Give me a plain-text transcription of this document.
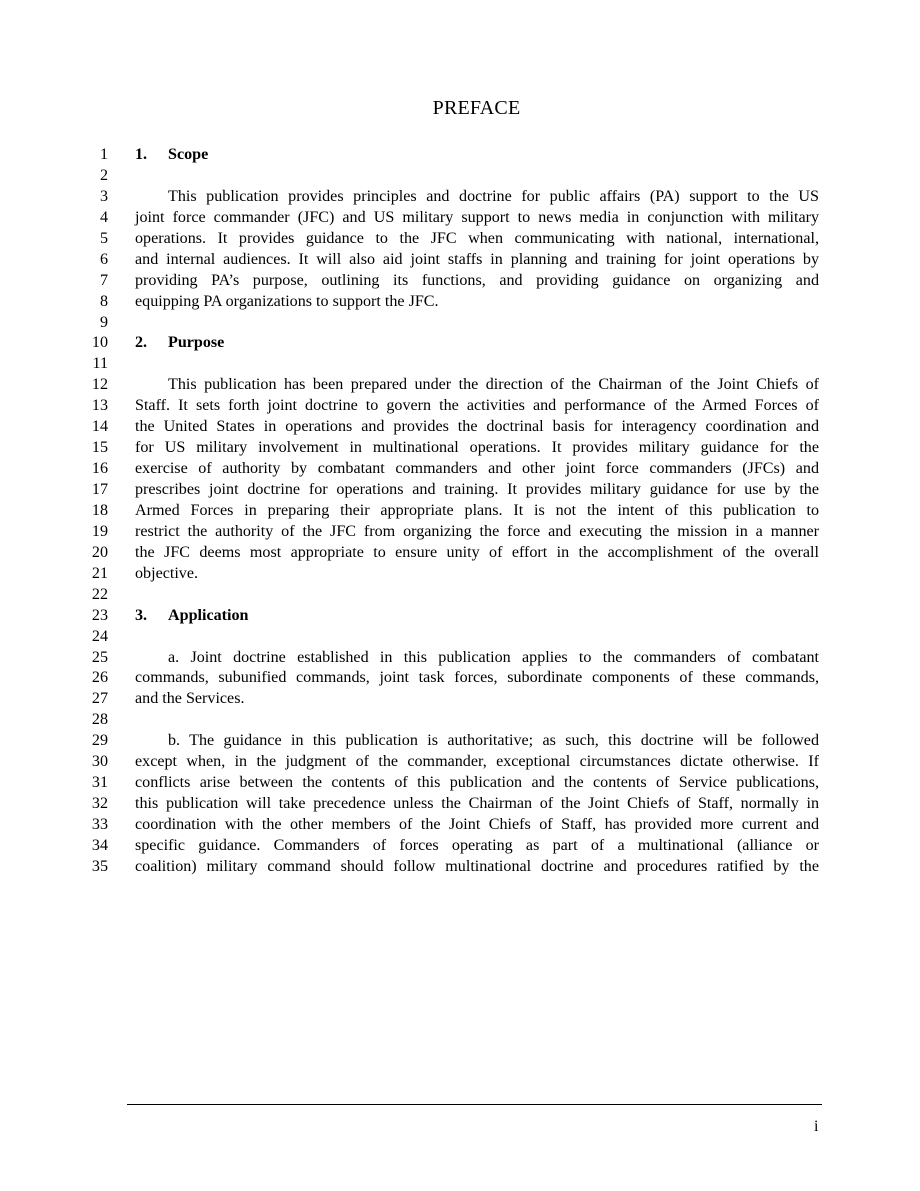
PREFACE
1 1. Scope
2
3	This publication provides principles and doctrine for public affairs (PA) support to the US
4 joint force commander (JFC) and US military support to news media in conjunction with military
5 operations. It provides guidance to the JFC when communicating with national, international,
6 and internal audiences. It will also aid joint staffs in planning and training for joint operations by
7 providing PA’s purpose, outlining its functions, and providing guidance on organizing and
8 equipping PA organizations to support the JFC.
9
10 2. Purpose
11
12	This publication has been prepared under the direction of the Chairman of the Joint Chiefs of
13 Staff. It sets forth joint doctrine to govern the activities and performance of the Armed Forces of
14 the United States in operations and provides the doctrinal basis for interagency coordination and
15 for US military involvement in multinational operations. It provides military guidance for the
16 exercise of authority by combatant commanders and other joint force commanders (JFCs) and
17 prescribes joint doctrine for operations and training. It provides military guidance for use by the
18 Armed Forces in preparing their appropriate plans. It is not the intent of this publication to
19 restrict the authority of the JFC from organizing the force and executing the mission in a manner
20 the JFC deems most appropriate to ensure unity of effort in the accomplishment of the overall
21 objective.
22
23 3. Application
24
25	a. Joint doctrine established in this publication applies to the commanders of combatant
26 commands, subunified commands, joint task forces, subordinate components of these commands,
27 and the Services.
28
29	b. The guidance in this publication is authoritative; as such, this doctrine will be followed
30 except when, in the judgment of the commander, exceptional circumstances dictate otherwise. If
31 conflicts arise between the contents of this publication and the contents of Service publications,
32 this publication will take precedence unless the Chairman of the Joint Chiefs of Staff, normally in
33 coordination with the other members of the Joint Chiefs of Staff, has provided more current and
34 specific guidance. Commanders of forces operating as part of a multinational (alliance or
35 coalition) military command should follow multinational doctrine and procedures ratified by the
i
